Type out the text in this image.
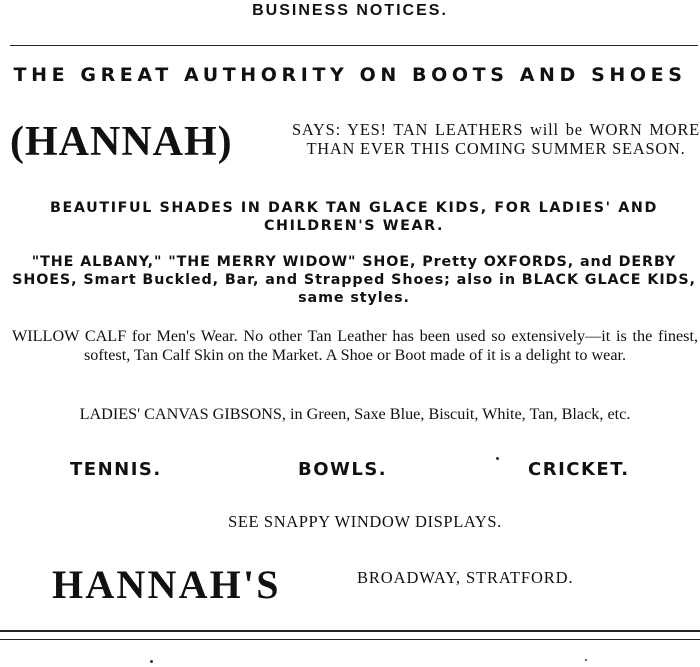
BUSINESS NOTICES.
THE GREAT AUTHORITY ON BOOTS AND SHOES
(HANNAH)	SAYS: YES! TAN LEATHERS will be WORN MORE THAN EVER THIS COMING SUMMER SEASON.
BEAUTIFUL SHADES IN DARK TAN GLACE KIDS, FOR LADIES' AND CHILDREN'S WEAR.
"THE ALBANY," "THE MERRY WIDOW" SHOE, Pretty OXFORDS, and DERBY SHOES, Smart Buckled, Bar, and Strapped Shoes; also in BLACK GLACE KIDS, same styles.
WILLOW CALF for Men's Wear. No other Tan Leather has been used so extensively—it is the finest, softest, Tan Calf Skin on the Market. A Shoe or Boot made of it is a delight to wear.
LADIES' CANVAS GIBSONS, in Green, Saxe Blue, Biscuit, White, Tan, Black, etc.
TENNIS.	BOWLS.	CRICKET.
SEE SNAPPY WINDOW DISPLAYS.
HANNAH'S	BROADWAY, STRATFORD.
